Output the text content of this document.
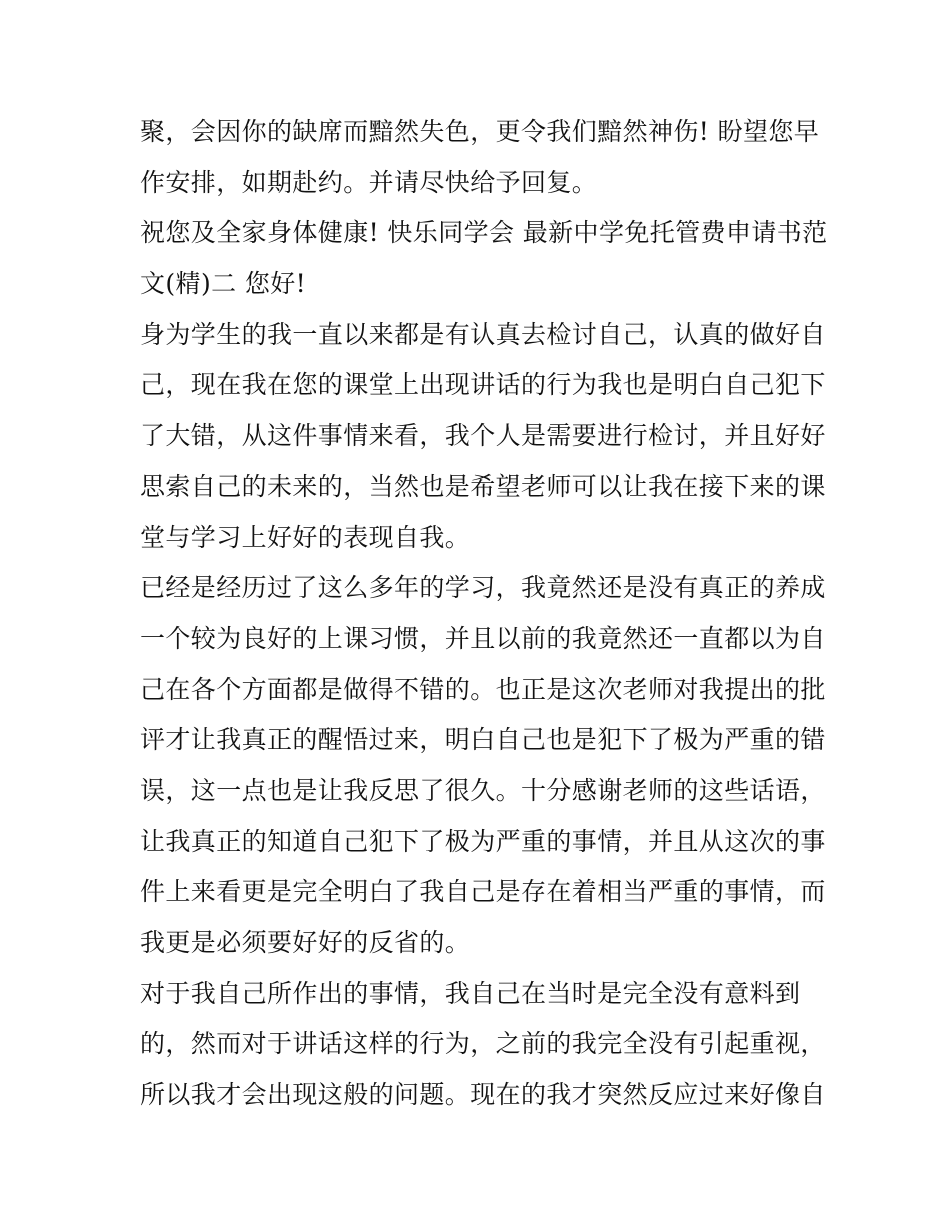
聚，会因你的缺席而黯然失色，更令我们黯然神伤! 盼望您早
作安排，如期赴约。并请尽快给予回复。
祝您及全家身体健康! 快乐同学会 最新中学免托管费申请书范
文(精)二 您好!
身为学生的我一直以来都是有认真去检讨自己，认真的做好自
己，现在我在您的课堂上出现讲话的行为我也是明白自己犯下
了大错，从这件事情来看，我个人是需要进行检讨，并且好好
思索自己的未来的，当然也是希望老师可以让我在接下来的课
堂与学习上好好的表现自我。
已经是经历过了这么多年的学习，我竟然还是没有真正的养成
一个较为良好的上课习惯，并且以前的我竟然还一直都以为自
己在各个方面都是做得不错的。也正是这次老师对我提出的批
评才让我真正的醒悟过来，明白自己也是犯下了极为严重的错
误，这一点也是让我反思了很久。十分感谢老师的这些话语，
让我真正的知道自己犯下了极为严重的事情，并且从这次的事
件上来看更是完全明白了我自己是存在着相当严重的事情，而
我更是必须要好好的反省的。
对于我自己所作出的事情，我自己在当时是完全没有意料到
的，然而对于讲话这样的行为，之前的我完全没有引起重视，
所以我才会出现这般的问题。现在的我才突然反应过来好像自
